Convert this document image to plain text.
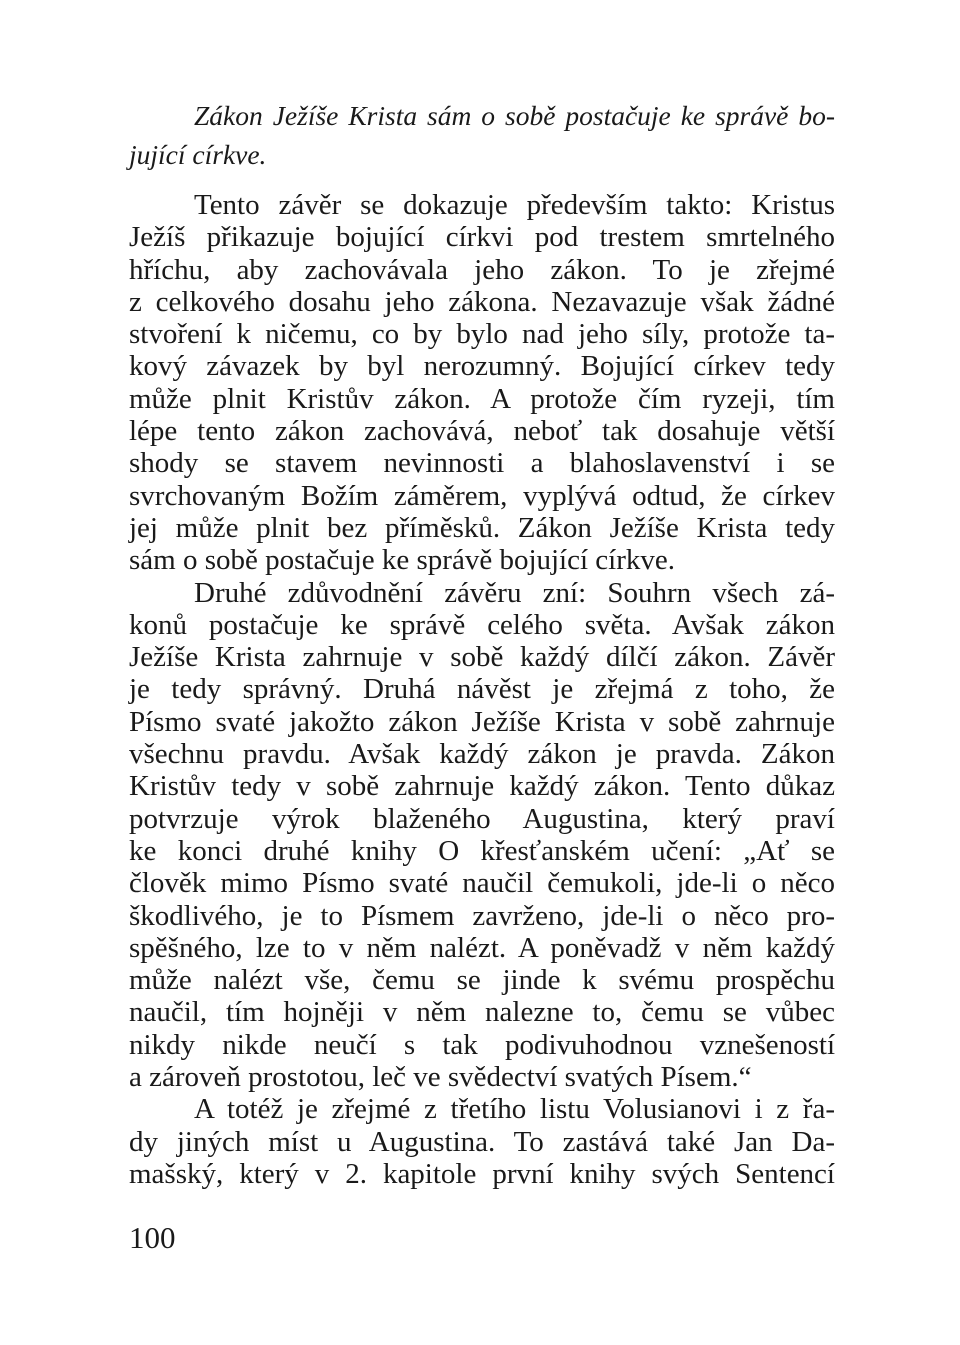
Zákon Ježíše Krista sám o sobě postačuje ke správě bo-
jující církve.
Tento závěr se dokazuje především takto: Kristus
Ježíš přikazuje bojující církvi pod trestem smrtelného
hříchu, aby zachovávala jeho zákon. To je zřejmé
z celkového dosahu jeho zákona. Nezavazuje však žádné
stvoření k ničemu, co by bylo nad jeho síly, protože ta-
kový závazek by byl nerozumný. Bojující církev tedy
může plnit Kristův zákon. A protože čím ryzeji, tím
lépe tento zákon zachovává, neboť tak dosahuje větší
shody se stavem nevinnosti a blahoslavenství i se
svrchovaným Božím záměrem, vyplývá odtud, že církev
jej může plnit bez příměsků. Zákon Ježíše Krista tedy
sám o sobě postačuje ke správě bojující církve.
Druhé zdůvodnění závěru zní: Souhrn všech zá-
konů postačuje ke správě celého světa. Avšak zákon
Ježíše Krista zahrnuje v sobě každý dílčí zákon. Závěr
je tedy správný. Druhá návěst je zřejmá z toho, že
Písmo svaté jakožto zákon Ježíše Krista v sobě zahrnuje
všechnu pravdu. Avšak každý zákon je pravda. Zákon
Kristův tedy v sobě zahrnuje každý zákon. Tento důkaz
potvrzuje výrok blaženého Augustina, který praví
ke konci druhé knihy O křesťanském učení: „Ať se
člověk mimo Písmo svaté naučil čemukoli, jde-li o něco
škodlivého, je to Písmem zavrženo, jde-li o něco pro-
spěšného, lze to v něm nalézt. A poněvadž v něm každý
může nalézt vše, čemu se jinde k svému prospěchu
naučil, tím hojněji v něm nalezne to, čemu se vůbec
nikdy nikde neučí s tak podivuhodnou vznešeností
a zároveň prostotou, leč ve svědectví svatých Písem.“
A totéž je zřejmé z třetího listu Volusianovi i z řa-
dy jiných míst u Augustina. To zastává také Jan Da-
mašský, který v 2. kapitole první knihy svých Sentencí
100
